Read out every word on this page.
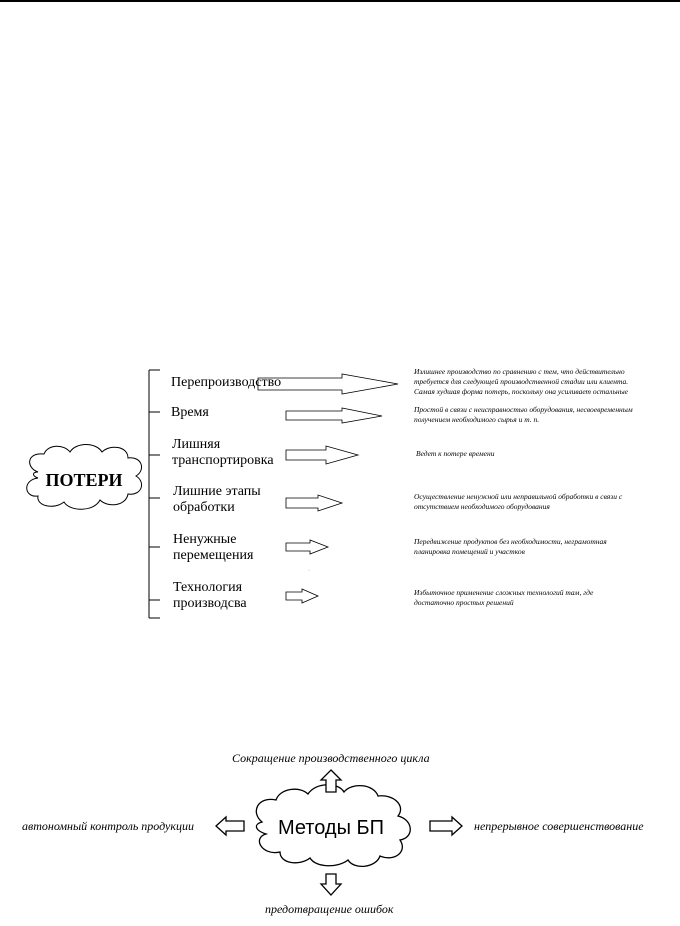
ПОТЕРИ
Методы БП
·
Перепроизводство
Время
Лишняя
транспортировка
Лишние этапы
обработки
Ненужные
перемещения
Технология
производсва
Излишнее производство по сравнению с тем, что действительно
требуется для следующей производственной стадии или клиента.
Самая худшая форма потерь, поскольку она усиливает остальные
Простой в связи с неисправностью оборудования, несвоевременным
получением необходимого сырья и т. п.
Ведет к потере времени
Осуществление ненужной или неправильной обработки в связи с
отсутствием необходимого оборудования
Передвижение продуктов без необходимости, неграмотная
планировка помещений и участков
Избыточное применение сложных технологий там, где
достаточно простых решений
Сокращение производственного цикла
автономный контроль продукции	непрерывное совершенствование
предотвращение ошибок
